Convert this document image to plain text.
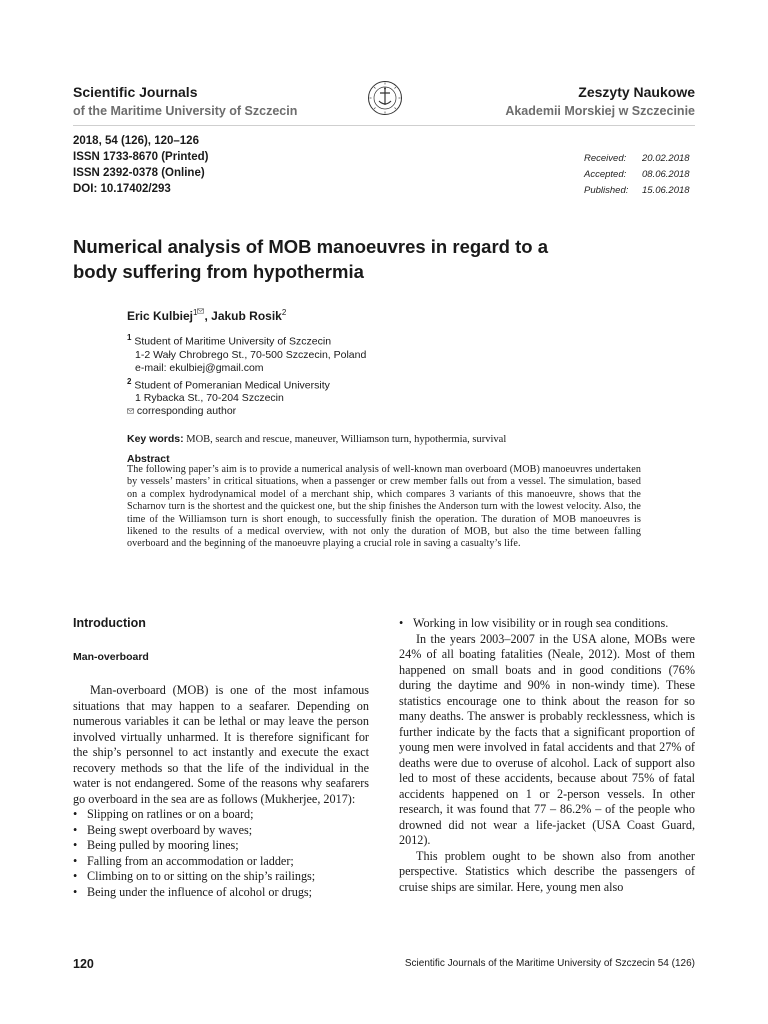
Scientific Journals
of the Maritime University of Szczecin
Zeszyty Naukowe
Akademii Morskiej w Szczecinie
2018, 54 (126), 120–126
ISSN 1733-8670 (Printed)
ISSN 2392-0378 (Online)
DOI: 10.17402/293
Received:	20.02.2018
Accepted:	08.06.2018
Published:	15.06.2018
Numerical analysis of MOB manoeuvres in regard to a body suffering from hypothermia
Eric Kulbiej$^1$ , Jakub Rosik$^2$
$^1$ Student of Maritime University of Szczecin
1-2 Wały Chrobrego St., 70-500 Szczecin, Poland
e-mail: ekulbiej@gmail.com
$^2$ Student of Pomeranian Medical University
1 Rybacka St., 70-204 Szczecin
corresponding author
Key words: MOB, search and rescue, maneuver, Williamson turn, hypothermia, survival
Abstract
The following paper’s aim is to provide a numerical analysis of well-known man overboard (MOB) manoeuvres undertaken by vessels’ masters’ in critical situations, when a passenger or crew member falls out from a vessel. The simulation, based on a complex hydrodynamical model of a merchant ship, which compares 3 variants of this manoeuvre, shows that the Scharnov turn is the shortest and the quickest one, but the ship finishes the Anderson turn with the lowest velocity. Also, the time of the Williamson turn is short enough, to successfully finish the operation. The duration of MOB manoeuvres is likened to the results of a medical overview, with not only the duration of MOB, but also the time between falling overboard and the beginning of the manoeuvre playing a crucial role in saving a casualty’s life.
Introduction
Man-overboard

Man-overboard (MOB) is one of the most infamous situations that may happen to a seafarer. Depending on numerous variables it can be lethal or may leave the person involved virtually unharmed. It is therefore significant for the ship’s personnel to act instantly and execute the exact recovery methods so that the life of the individual in the water is not endangered. Some of the reasons why seafarers go overboard in the sea are as follows (Mukherjee, 2017):

• Slipping on ratlines or on a board;
• Being swept overboard by waves;
• Being pulled by mooring lines;
• Falling from an accommodation or ladder;
• Climbing on to or sitting on the ship’s railings;
• Being under the influence of alcohol or drugs;
• Working in low visibility or in rough sea conditions.

In the years 2003–2007 in the USA alone, MOBs were 24% of all boating fatalities (Neale, 2012). Most of them happened on small boats and in good conditions (76% during the daytime and 90% in non-windy time). These statistics encourage one to think about the reason for so many deaths. The answer is probably recklessness, which is further indicate by the facts that a significant proportion of young men were involved in fatal accidents and that 27% of deaths were due to overuse of alcohol. Lack of support also led to most of these accidents, because about 75% of fatal accidents happened on 1 or 2-person vessels. In other research, it was found that 77 – 86.2% – of the people who drowned did not wear a life-jacket (USA Coast Guard, 2012).

This problem ought to be shown also from another perspective. Statistics which describe the passengers of cruise ships are similar. Here, young men also

120	Scientific Journals of the Maritime University of Szczecin 54 (126)
